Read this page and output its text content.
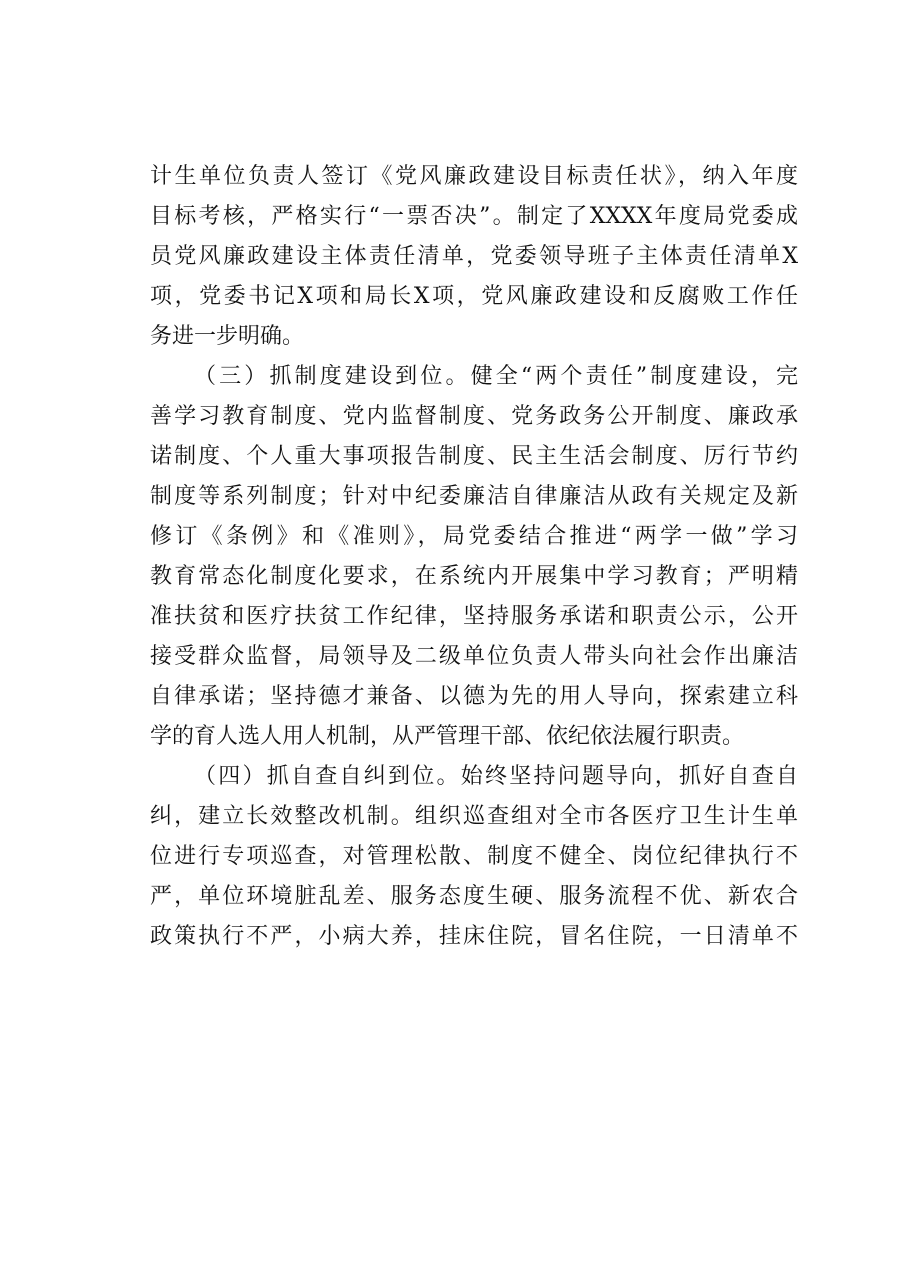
计生单位负责人签订《党风廉政建设目标责任状》，纳入年度

目标考核，严格实行“一票否决”。制定了XXXX年度局党委成

员党风廉政建设主体责任清单，党委领导班子主体责任清单X

项，党委书记X项和局长X项，党风廉政建设和反腐败工作任

务进一步明确。

（三）抓制度建设到位。健全“两个责任”制度建设，完

善学习教育制度、党内监督制度、党务政务公开制度、廉政承

诺制度、个人重大事项报告制度、民主生活会制度、厉行节约

制度等系列制度；针对中纪委廉洁自律廉洁从政有关规定及新

修订《条例》和《准则》，局党委结合推进“两学一做”学习

教育常态化制度化要求，在系统内开展集中学习教育；严明精

准扶贫和医疗扶贫工作纪律，坚持服务承诺和职责公示，公开

接受群众监督，局领导及二级单位负责人带头向社会作出廉洁

自律承诺；坚持德才兼备、以德为先的用人导向，探索建立科

学的育人选人用人机制，从严管理干部、依纪依法履行职责。

（四）抓自查自纠到位。始终坚持问题导向，抓好自查自

纠，建立长效整改机制。组织巡查组对全市各医疗卫生计生单

位进行专项巡查，对管理松散、制度不健全、岗位纪律执行不

严，单位环境脏乱差、服务态度生硬、服务流程不优、新农合

政策执行不严，小病大养，挂床住院，冒名住院，一日清单不
